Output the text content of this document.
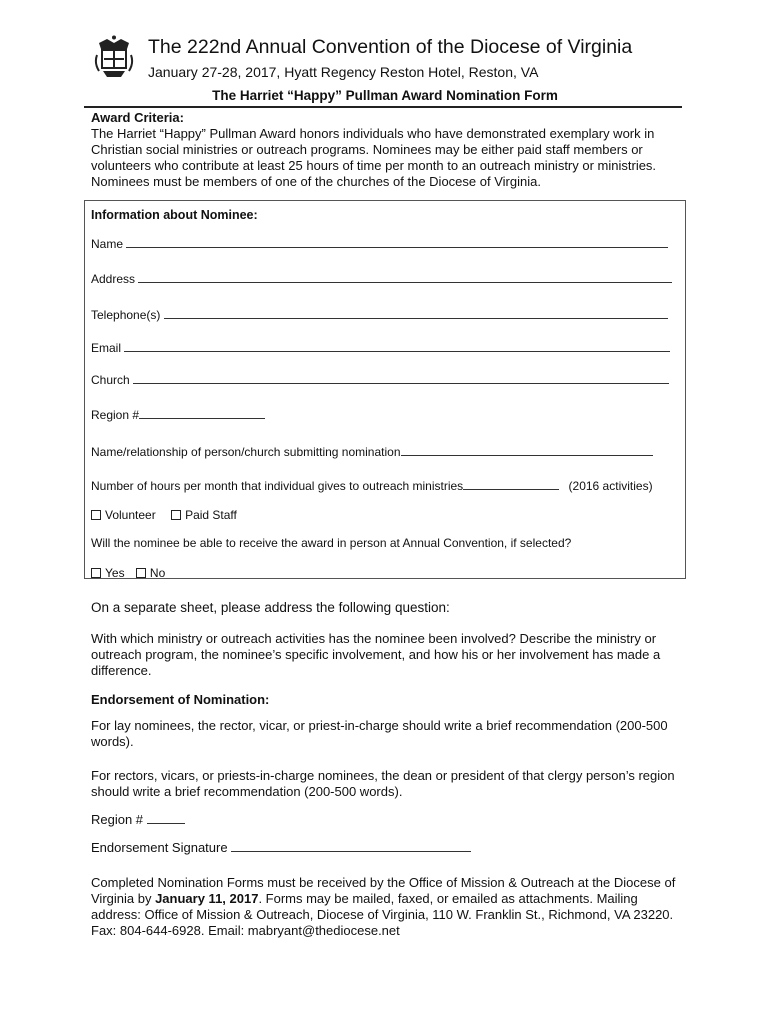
The 222nd Annual Convention of the Diocese of Virginia
January 27-28, 2017, Hyatt Regency Reston Hotel, Reston, VA
The Harriet “Happy” Pullman Award Nomination Form
Award Criteria:
The Harriet “Happy” Pullman Award honors individuals who have demonstrated exemplary work in Christian social ministries or outreach programs. Nominees may be either paid staff members or volunteers who contribute at least 25 hours of time per month to an outreach ministry or ministries. Nominees must be members of one of the churches of the Diocese of Virginia.
Information about Nominee:
Name
Address
Telephone(s)
Email
Church
Region #
Name/relationship of person/church submitting nomination
Number of hours per month that individual gives to outreach ministries	(2016 activities)
Volunteer Paid Staff
Will the nominee be able to receive the award in person at Annual Convention, if selected?
Yes No
On a separate sheet, please address the following question:
With which ministry or outreach activities has the nominee been involved? Describe the ministry or outreach program, the nominee’s specific involvement, and how his or her involvement has made a difference.
Endorsement of Nomination:
For lay nominees, the rector, vicar, or priest-in-charge should write a brief recommendation (200-500 words).
For rectors, vicars, or priests-in-charge nominees, the dean or president of that clergy person’s region should write a brief recommendation (200-500 words).
Region #
Endorsement Signature
Completed Nomination Forms must be received by the Office of Mission & Outreach at the Diocese of Virginia by January 11, 2017. Forms may be mailed, faxed, or emailed as attachments. Mailing address: Office of Mission & Outreach, Diocese of Virginia, 110 W. Franklin St., Richmond, VA 23220. Fax: 804-644-6928. Email: mabryant@thediocese.net
